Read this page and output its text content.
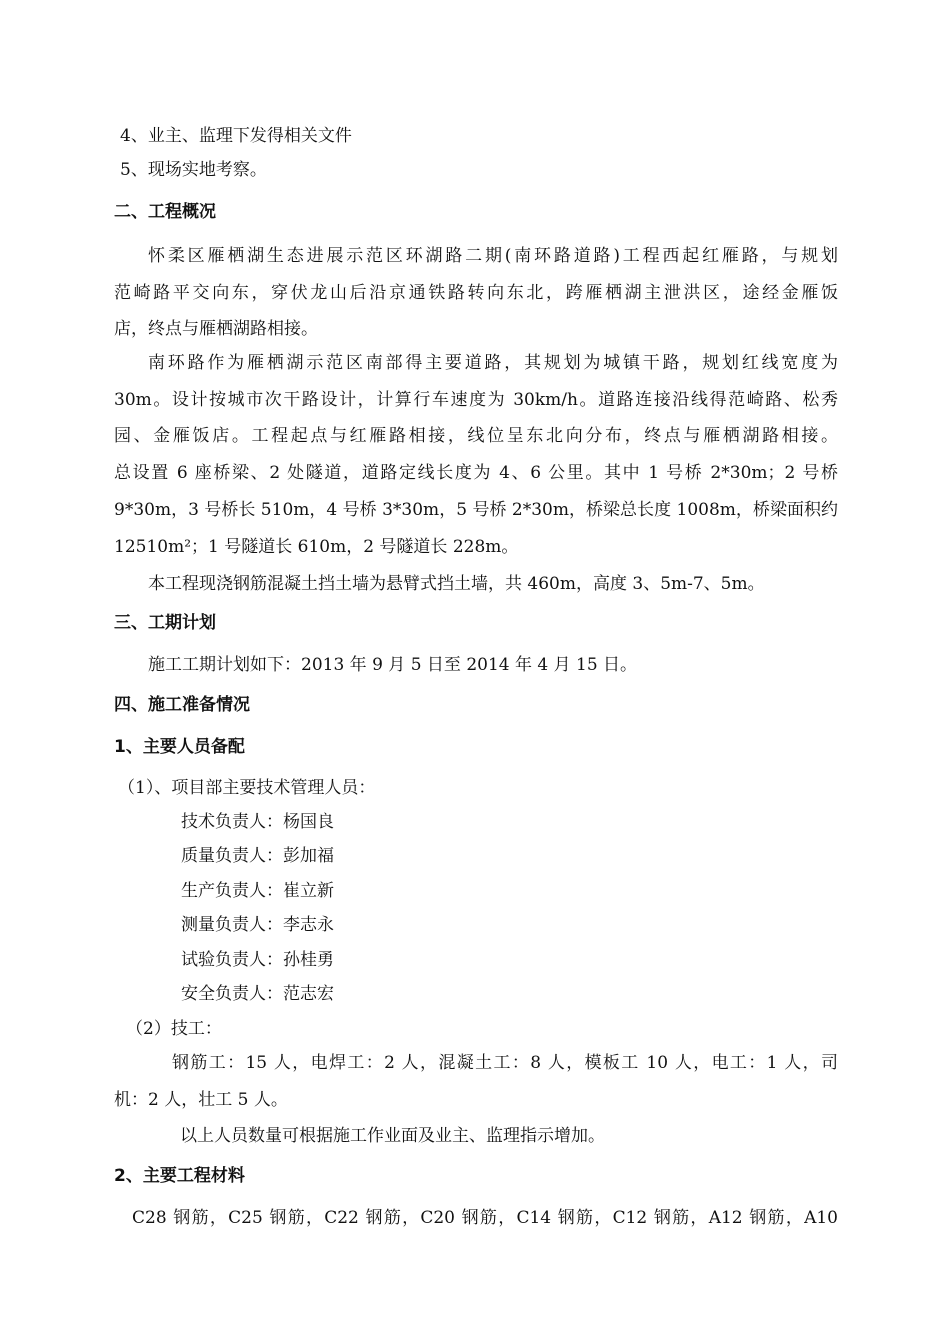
4、业主、监理下发得相关文件
5、现场实地考察。
二、工程概况
怀柔区雁栖湖生态进展示范区环湖路二期(南环路道路)工程西起红雁路，与规划
范崎路平交向东，穿伏龙山后沿京通铁路转向东北，跨雁栖湖主泄洪区，途经金雁饭
店，终点与雁栖湖路相接。
南环路作为雁栖湖示范区南部得主要道路，其规划为城镇干路，规划红线宽度为
30m。设计按城市次干路设计，计算行车速度为 30km/h。道路连接沿线得范崎路、松秀
园、金雁饭店。工程起点与红雁路相接，线位呈东北向分布，终点与雁栖湖路相接。
总设置 6 座桥梁、2 处隧道，道路定线长度为 4、6 公里。其中 1 号桥 2*30m；2 号桥
9*30m，3 号桥长 510m，4 号桥 3*30m，5 号桥 2*30m，桥梁总长度 1008m，桥梁面积约
12510m²；1 号隧道长 610m，2 号隧道长 228m。
本工程现浇钢筋混凝土挡土墙为悬臂式挡土墙，共 460m，高度 3、5m-7、5m。
三、工期计划
施工工期计划如下：2013 年 9 月 5 日至 2014 年 4 月 15 日。
四、施工准备情况
1、主要人员备配
（1）、项目部主要技术管理人员：
技术负责人：杨国良
质量负责人：彭加福
生产负责人：崔立新
测量负责人：李志永
试验负责人：孙桂勇
安全负责人：范志宏
（2）技工：
钢筋工：15 人，电焊工：2 人，混凝土工：8 人，模板工 10 人，电工：1 人，司
机：2 人，壮工 5 人。
以上人员数量可根据施工作业面及业主、监理指示增加。
2、主要工程材料
C28 钢筋，C25 钢筋，C22 钢筋，C20 钢筋，C14 钢筋，C12 钢筋，A12 钢筋，A10
